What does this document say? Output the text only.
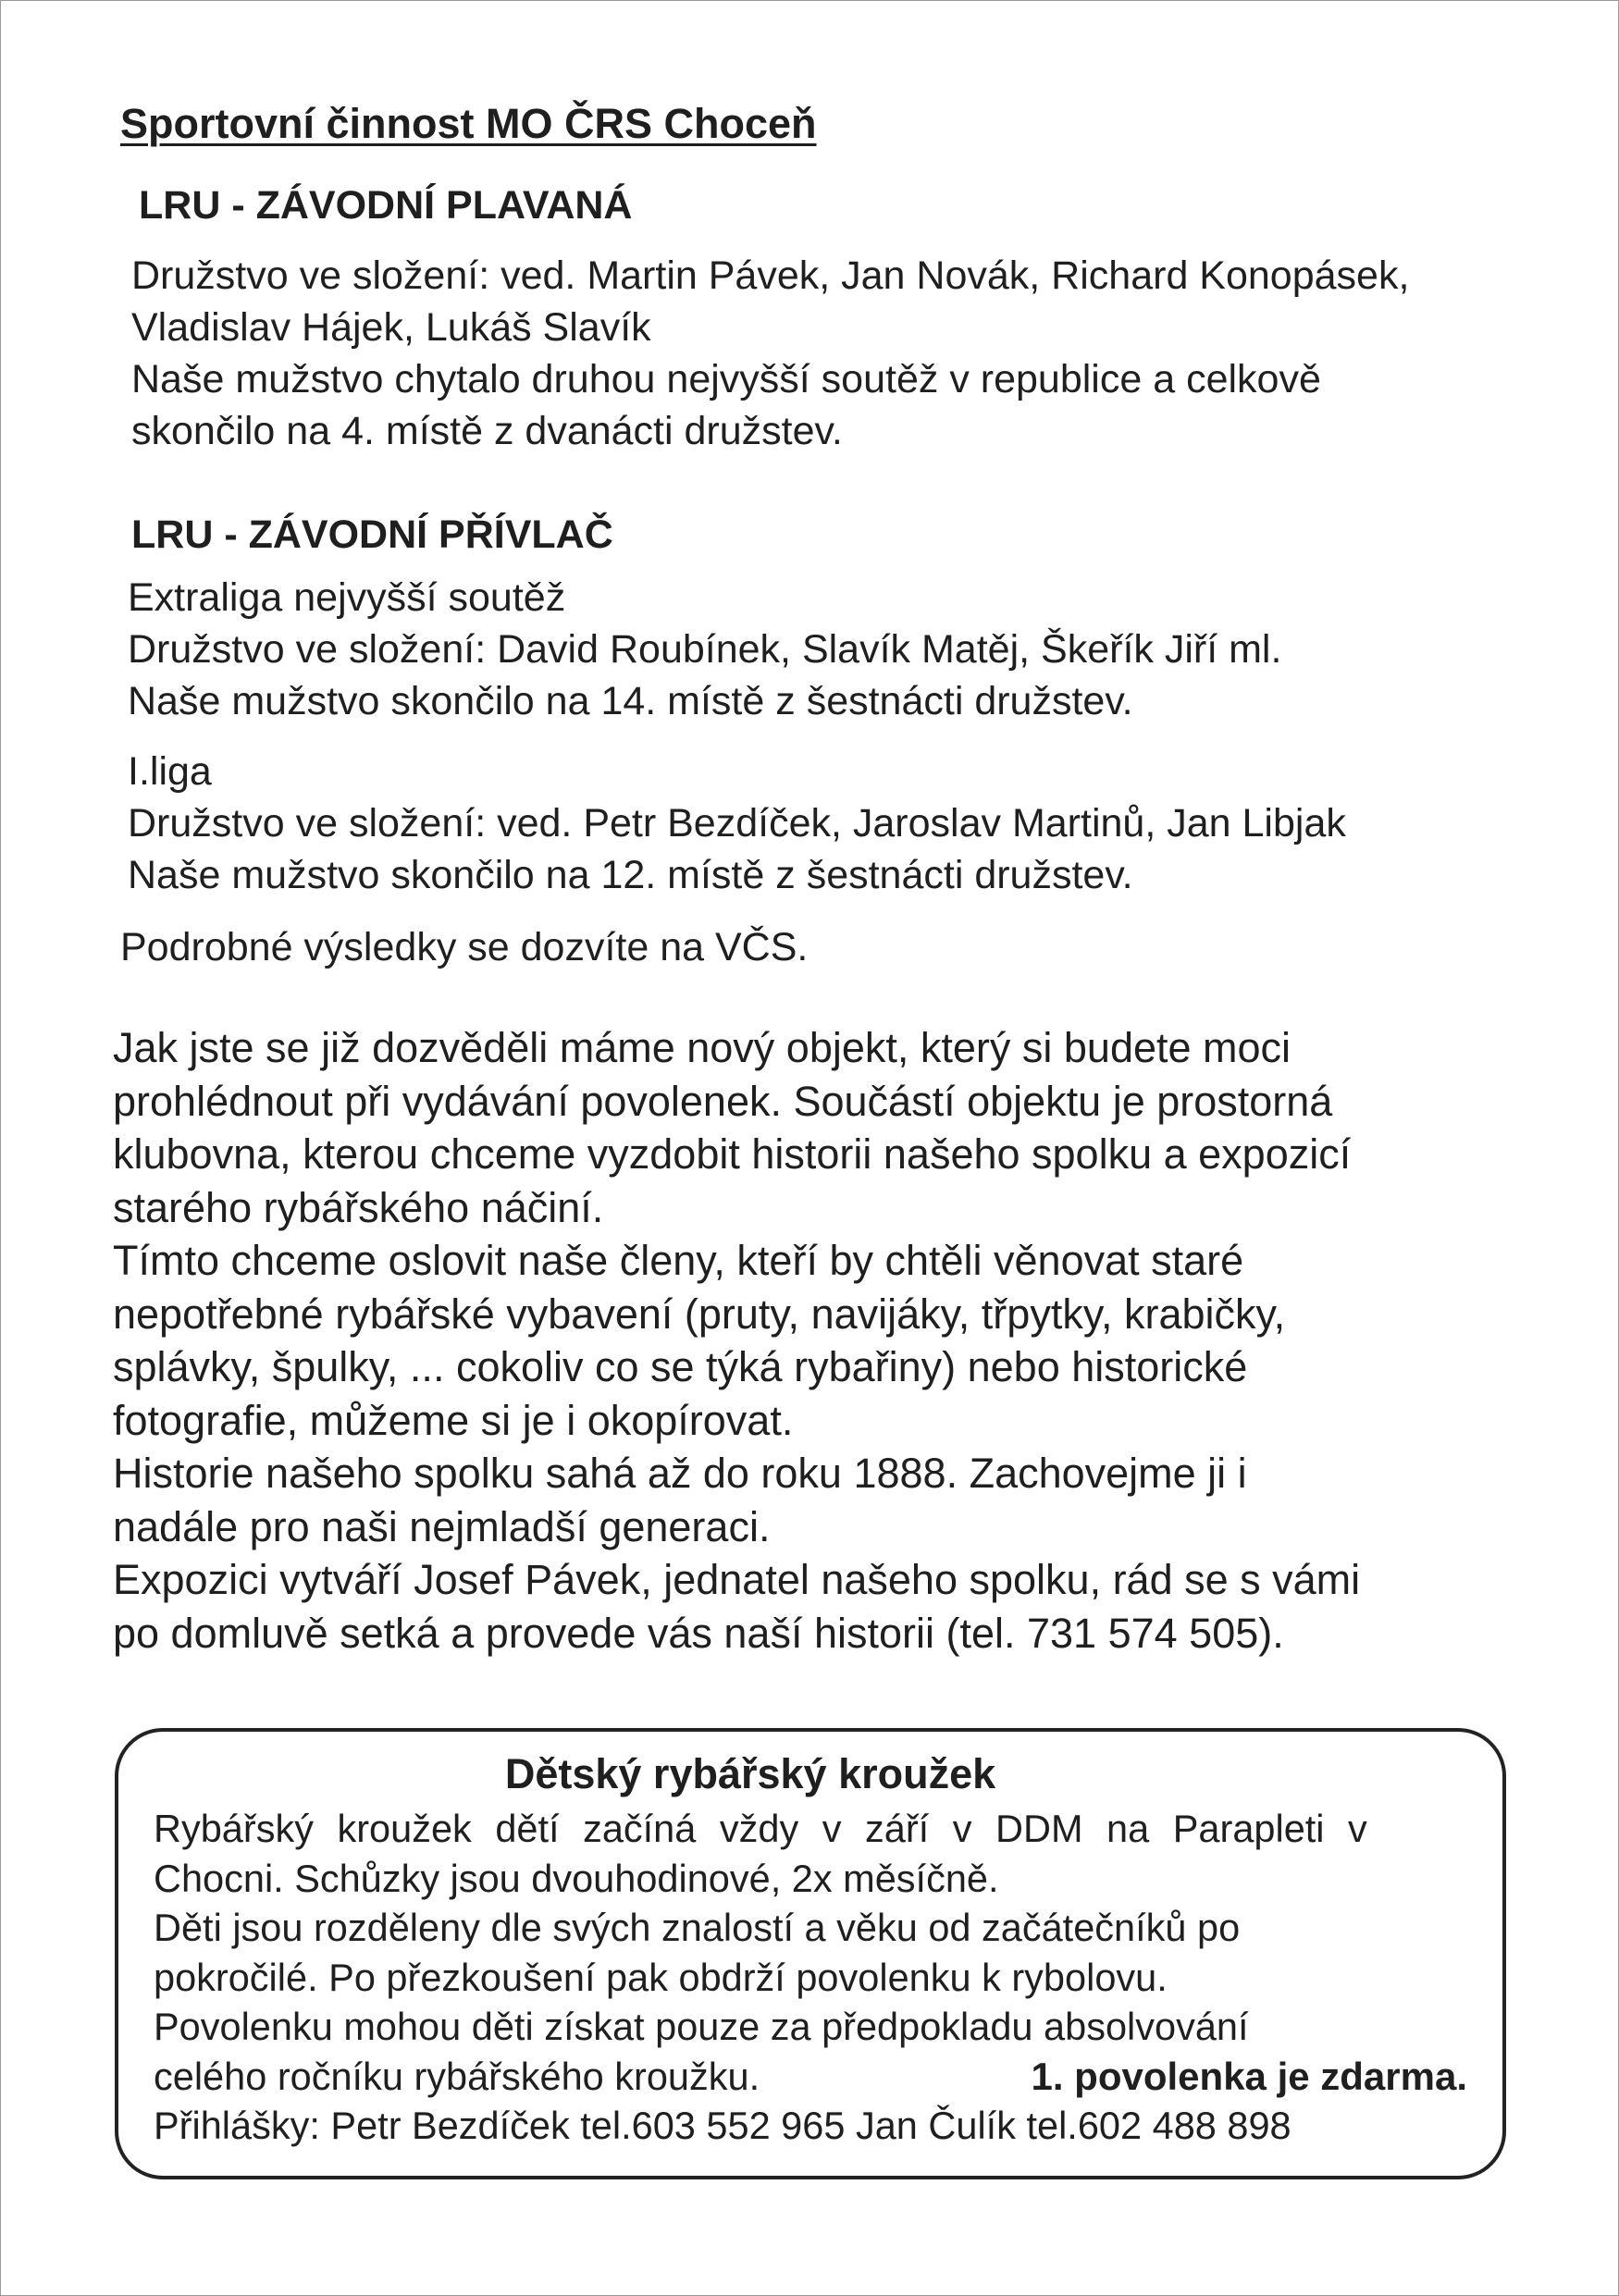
Sportovní činnost MO ČRS Choceň
LRU - ZÁVODNÍ PLAVANÁ
Družstvo ve složení: ved. Martin Pávek, Jan Novák, Richard Konopásek,
Vladislav Hájek, Lukáš Slavík
Naše mužstvo chytalo druhou nejvyšší soutěž v republice a celkově
skončilo na 4. místě z dvanácti družstev.
LRU - ZÁVODNÍ PŘÍVLAČ
Extraliga nejvyšší soutěž
Družstvo ve složení: David Roubínek, Slavík Matěj, Škeřík Jiří ml.
Naše mužstvo skončilo na 14. místě z šestnácti družstev.
I.liga
Družstvo ve složení: ved. Petr Bezdíček, Jaroslav Martinů, Jan Libjak
Naše mužstvo skončilo na 12. místě z šestnácti družstev.
Podrobné výsledky se dozvíte na VČS.
Jak jste se již dozvěděli máme nový objekt, který si budete moci
prohlédnout při vydávání povolenek. Součástí objektu je prostorná
klubovna, kterou chceme vyzdobit historii našeho spolku a expozicí
starého rybářského náčiní.
Tímto chceme oslovit naše členy, kteří by chtěli věnovat staré
nepotřebné rybářské vybavení (pruty, navijáky, třpytky, krabičky,
splávky, špulky, ... cokoliv co se týká rybařiny) nebo historické
fotografie, můžeme si je i okopírovat.
Historie našeho spolku sahá až do roku 1888. Zachovejme ji i
nadále pro naši nejmladší generaci.
Expozici vytváří Josef Pávek, jednatel našeho spolku, rád se s vámi
po domluvě setká a provede vás naší historii (tel. 731 574 505).
Dětský rybářský kroužek
Rybářský kroužek dětí začíná vždy v září v DDM na Parapleti v
Chocni. Schůzky jsou dvouhodinové, 2x měsíčně.
Děti jsou rozděleny dle svých znalostí a věku od začátečníků po
pokročilé. Po přezkoušení pak obdrží povolenku k rybolovu.
Povolenku mohou děti získat pouze za předpokladu absolvování
celého ročníku rybářského kroužku.	1. povolenka je zdarma.
Přihlášky: Petr Bezdíček tel.603 552 965 Jan Čulík tel.602 488 898
